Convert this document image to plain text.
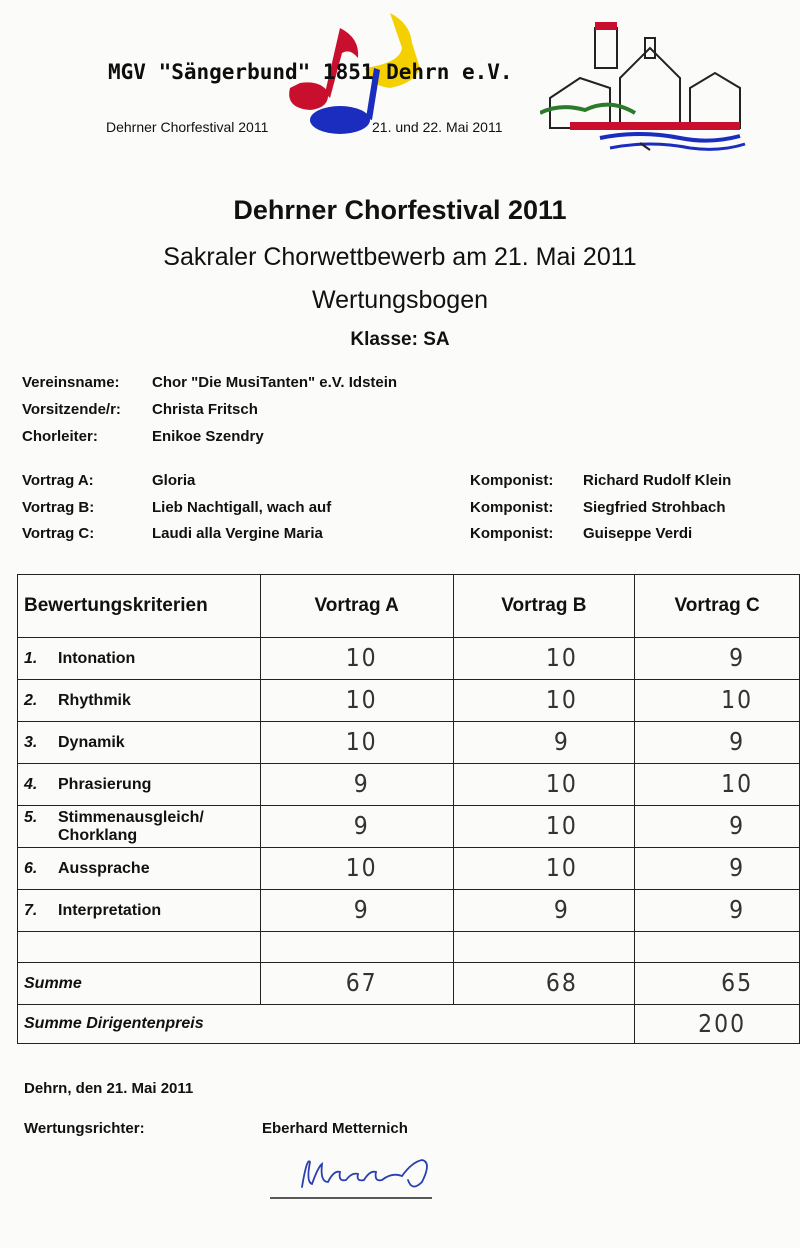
MGV "Sängerbund" 1851 Dehrn e.V.
Dehrner Chorfestival 2011	21. und 22. Mai 2011
Dehrner Chorfestival 2011
Sakraler Chorwettbewerb am 21. Mai 2011
Wertungsbogen
Klasse: SA
Vereinsname: Chor "Die MusiTanten" e.V. Idstein
Vorsitzende/r: Christa Fritsch
Chorleiter:	Enikoe Szendry
Vortrag A:	Gloria	Komponist: Richard Rudolf Klein
Vortrag B:	Lieb Nachtigall, wach auf	Komponist: Siegfried Strohbach
Vortrag C:	Laudi alla Vergine Maria	Komponist: Guiseppe Verdi
Bewertungskriterien	Vortrag A	Vortrag B	Vortrag C
1. Intonation	10	10	9
2. Rhythmik	10	10	10
3. Dynamik	10	9	9
4. Phrasierung	9	10	10
5. Stimmenausgleich/
Chorklang	9	10	9
6. Aussprache	10	10	9
7. Interpretation	9	9	9

Summe	67	68	65
Summe Dirigentenpreis			200
Dehrn, den 21. Mai 2011
Wertungsrichter:	Eberhard Metternich
